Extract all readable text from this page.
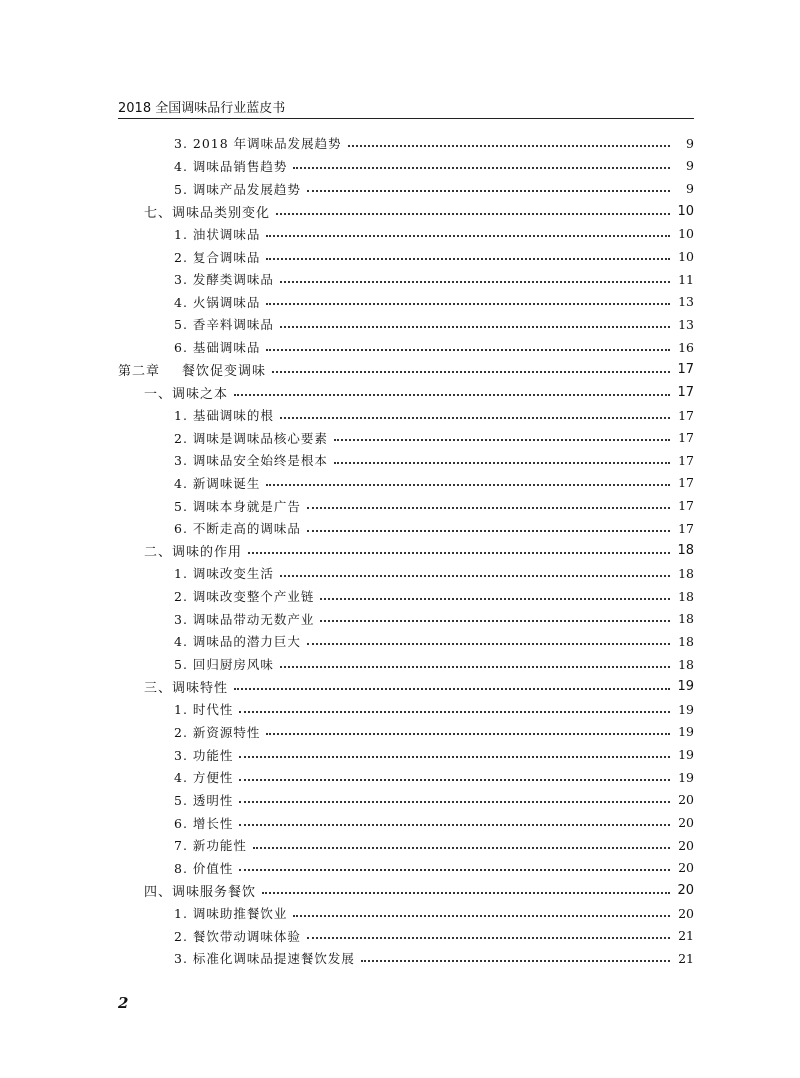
2018 全国调味品行业蓝皮书
3. 2018 年调味品发展趋势	9
4. 调味品销售趋势	9
5. 调味产品发展趋势	9
七、调味品类别变化	10
1. 油状调味品	10
2. 复合调味品	10
3. 发酵类调味品	11
4. 火锅调味品	13
5. 香辛料调味品	13
6. 基础调味品	16
第二章 餐饮促变调味	17
一、调味之本	17
1. 基础调味的根	17
2. 调味是调味品核心要素	17
3. 调味品安全始终是根本	17
4. 新调味诞生	17
5. 调味本身就是广告	17
6. 不断走高的调味品	17
二、调味的作用	18
1. 调味改变生活	18
2. 调味改变整个产业链	18
3. 调味品带动无数产业	18
4. 调味品的潜力巨大	18
5. 回归厨房风味	18
三、调味特性	19
1. 时代性	19
2. 新资源特性	19
3. 功能性	19
4. 方便性	19
5. 透明性	20
6. 增长性	20
7. 新功能性	20
8. 价值性	20
四、调味服务餐饮	20
1. 调味助推餐饮业	20
2. 餐饮带动调味体验	21
3. 标准化调味品提速餐饮发展	21
2
